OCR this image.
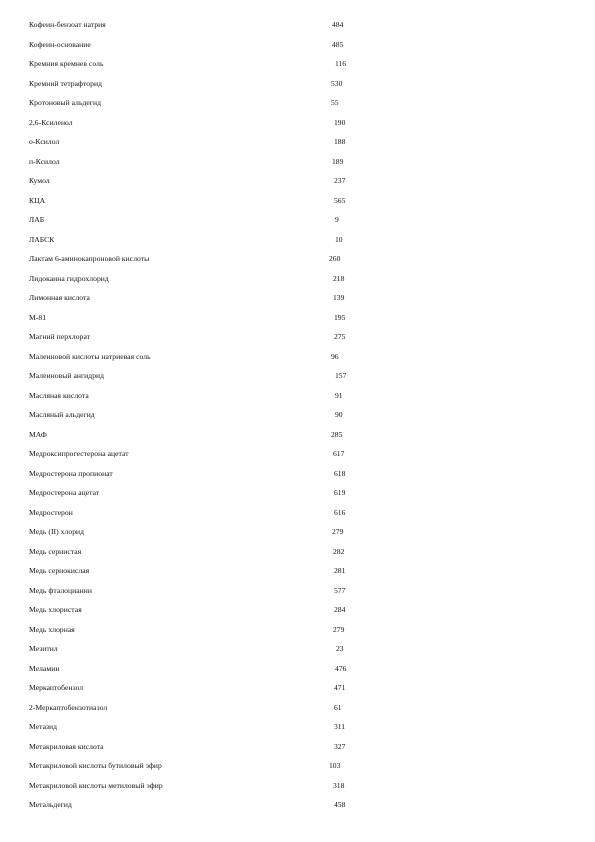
Кофеин-бензоат натрия	484
Кофеин-основание	485
Кремния кремнев соль	116
Кремний тетрафторид	530
Кротоновый альдегид	55
2,6-Ксиленол	190
о-Ксилол	188
п-Ксилол	189
Кумол	237
КЦА	565
ЛАБ	9
ЛАБСК	10
Лактам 6-аминокапроновой кислоты	260
Лидокаина гидрохлорид	218
Лимонная кислота	139
М-81	195
Магний перхлорат	275
Малеиновой кислоты натриевая соль	96
Малеиновый ангидрид	157
Масляная кислота	91
Масляный альдегид	90
МАФ	285
Медроксипрогестерона ацетат	617
Медростерона пропионат	618
Медростерона ацетат	619
Медростерон	616
Медь (II) хлорид	279
Медь сернистая	282
Медь сернокислая	281
Медь фталоцианин	577
Медь хлористая	284
Медь хлорная	279
Мезитил	23
Меламин	476
Меркаптобензол	471
2-Меркаптобензотиазол	61
Метазид	311
Метакриловая кислота	327
Метакриловой кислоты бутиловый эфир	103
Метакриловой кислоты метиловый эфир	318
Метальдегид	458
